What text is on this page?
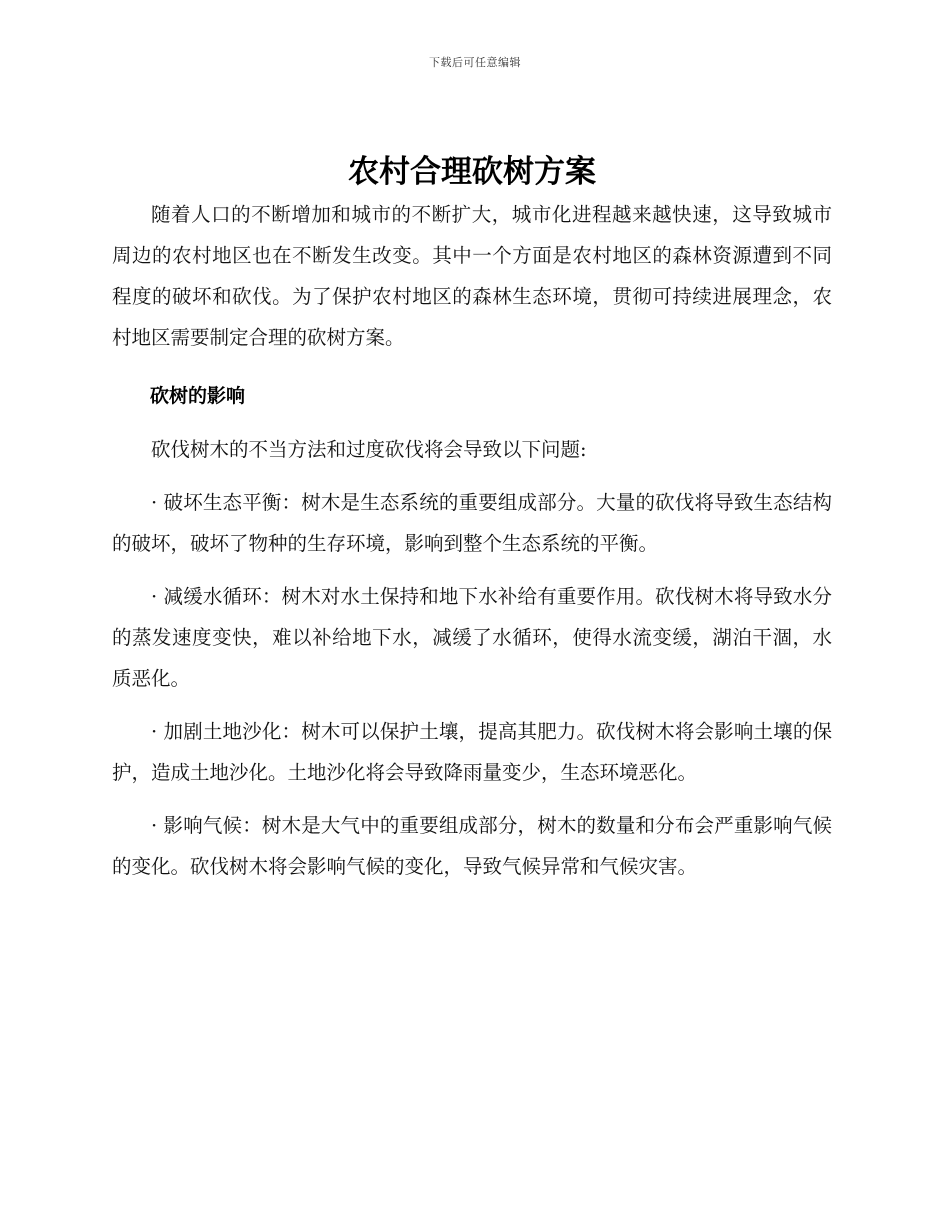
下载后可任意编辑
农村合理砍树方案

随着人口的不断增加和城市的不断扩大，城市化进程越来越快速，这导致城市周边的农村地区也在不断发生改变。其中一个方面是农村地区的森林资源遭到不同程度的破坏和砍伐。为了保护农村地区的森林生态环境，贯彻可持续进展理念，农村地区需要制定合理的砍树方案。

砍树的影响

砍伐树木的不当方法和过度砍伐将会导致以下问题:

· 破坏生态平衡：树木是生态系统的重要组成部分。大量的砍伐将导致生态结构的破坏，破坏了物种的生存环境，影响到整个生态系统的平衡。

· 减缓水循环：树木对水土保持和地下水补给有重要作用。砍伐树木将导致水分的蒸发速度变快，难以补给地下水，减缓了水循环，使得水流变缓，湖泊干涸，水质恶化。

· 加剧土地沙化：树木可以保护土壤，提高其肥力。砍伐树木将会影响土壤的保护，造成土地沙化。土地沙化将会导致降雨量变少，生态环境恶化。

· 影响气候：树木是大气中的重要组成部分，树木的数量和分布会严重影响气候的变化。砍伐树木将会影响气候的变化，导致气候异常和气候灾害。
